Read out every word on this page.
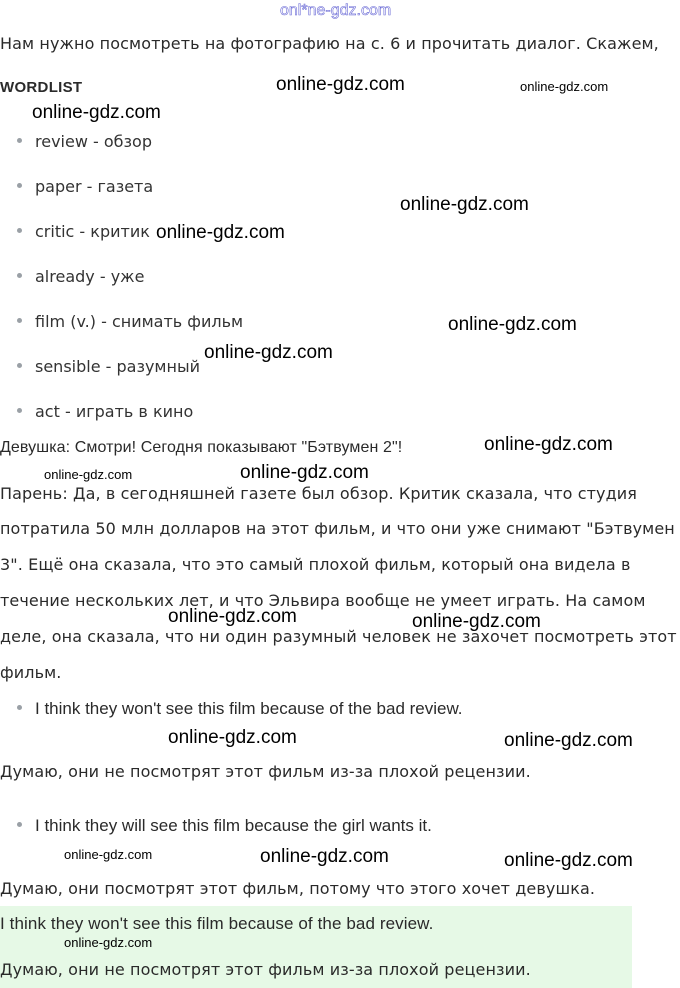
onl*ne-gdz.com
Нам нужно посмотреть на фотографию на с. 6 и прочитать диалог. Скажем,
WORDLIST
review - обзор
paper - газета
critic - критик
already - уже
film (v.) - снимать фильм
sensible - разумный
act - играть в кино
Девушка: Смотри! Сегодня показывают "Бэтвумен 2"!
Парень: Да, в сегодняшней газете был обзор. Критик сказала, что студия
потратила 50 млн долларов на этот фильм, и что они уже снимают "Бэтвумен
3". Ещё она сказала, что это самый плохой фильм, который она видела в
течение нескольких лет, и что Эльвира вообще не умеет играть. На самом
деле, она сказала, что ни один разумный человек не захочет посмотреть этот
фильм.
I think they won't see this film because of the bad review.
Думаю, они не посмотрят этот фильм из-за плохой рецензии.
I think they will see this film because the girl wants it.
Думаю, они посмотрят этот фильм, потому что этого хочет девушка.
I think they won't see this film because of the bad review.
Думаю, они не посмотрят этот фильм из-за плохой рецензии.
online-gdz.com
online-gdz.com
online-gdz.com
online-gdz.com
online-gdz.com
online-gdz.com
online-gdz.com
online-gdz.com
online-gdz.com	online-gdz.com
online-gdz.com	online-gdz.com
online-gdz.com	online-gdz.com
online-gdz.com
online-gdz.com
online-gdz.com
online-gdz.com
